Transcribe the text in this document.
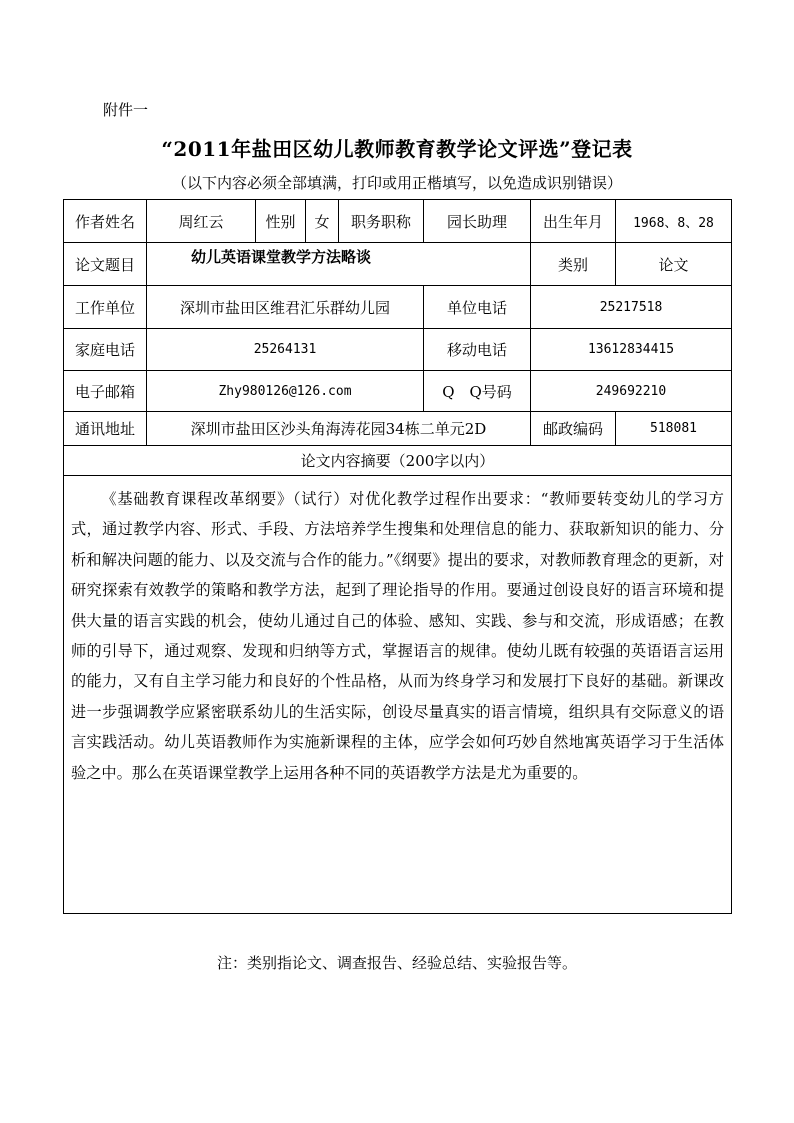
附件一
“2011年盐田区幼儿教师教育教学论文评选”登记表
（以下内容必须全部填满，打印或用正楷填写，以免造成识别错误）
作者姓名	周红云	性别	女	职务职称	园长助理	出生年月	1968、8、28
论文题目	幼儿英语课堂教学方法略谈	类别	论文
工作单位	深圳市盐田区维君汇乐群幼儿园	单位电话	25217518
家庭电话	25264131	移动电话	13612834415
电子邮箱	Zhy980126@126.com	Q　Q号码	249692210
通讯地址	深圳市盐田区沙头角海涛花园34栋二单元2D	邮政编码	518081
论文内容摘要（200字以内）
《基础教育课程改革纲要》（试行）对优化教学过程作出要求：“教师要转变幼儿的学习方式，通过教学内容、形式、手段、方法培养学生搜集和处理信息的能力、获取新知识的能力、分析和解决问题的能力、以及交流与合作的能力。”《纲要》提出的要求，对教师教育理念的更新，对研究探索有效教学的策略和教学方法，起到了理论指导的作用。要通过创设良好的语言环境和提供大量的语言实践的机会，使幼儿通过自己的体验、感知、实践、参与和交流，形成语感；在教师的引导下，通过观察、发现和归纳等方式，掌握语言的规律。使幼儿既有较强的英语语言运用的能力，又有自主学习能力和良好的个性品格，从而为终身学习和发展打下良好的基础。新课改进一步强调教学应紧密联系幼儿的生活实际，创设尽量真实的语言情境，组织具有交际意义的语言实践活动。幼儿英语教师作为实施新课程的主体，应学会如何巧妙自然地寓英语学习于生活体验之中。那么在英语课堂教学上运用各种不同的英语教学方法是尤为重要的。
注：类别指论文、调查报告、经验总结、实验报告等。
